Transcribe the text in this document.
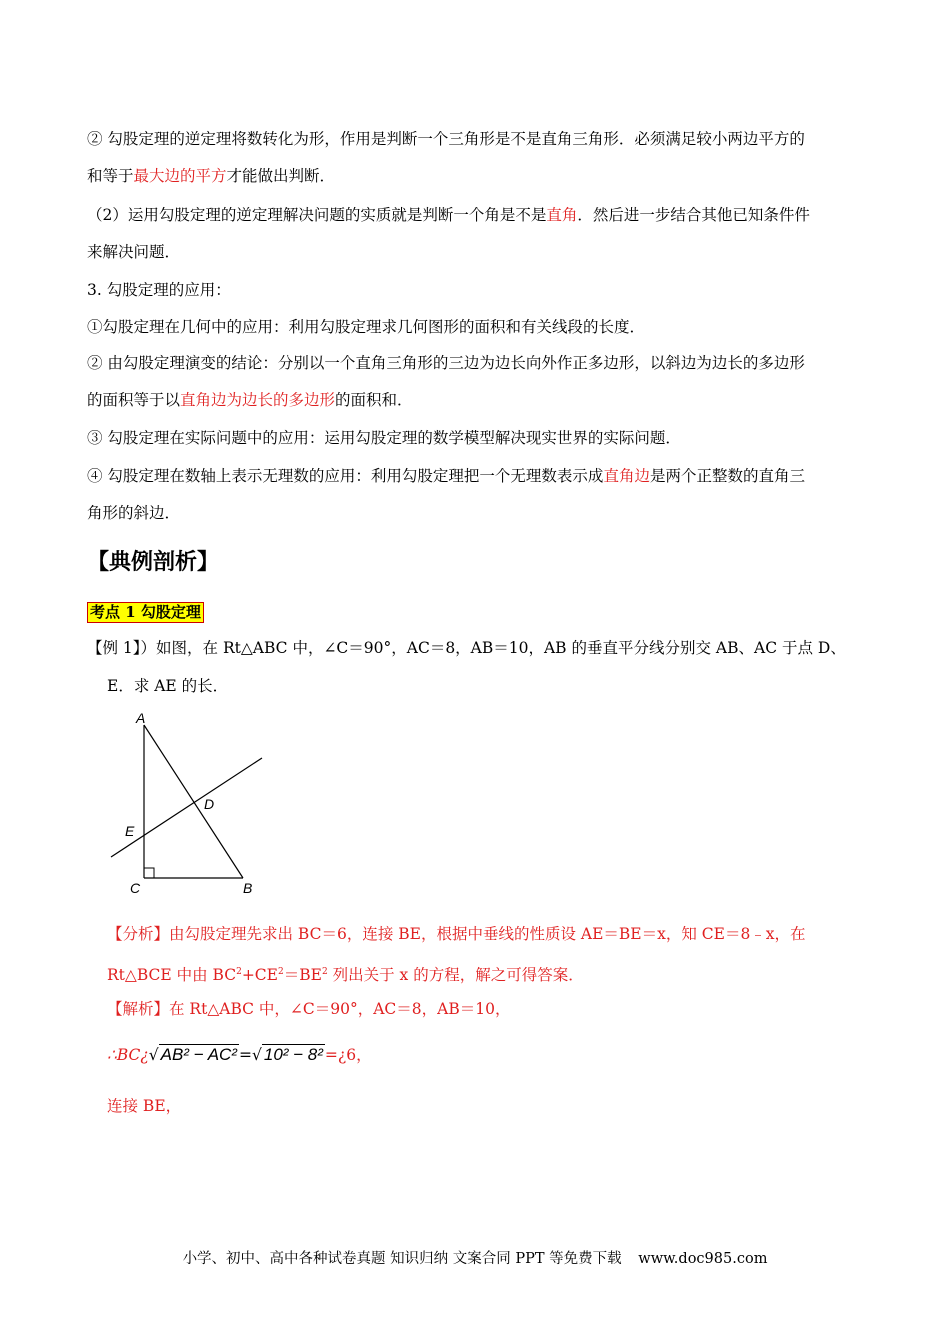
② 勾股定理的逆定理将数转化为形，作用是判断一个三角形是不是直角三角形．必须满足较小两边平方的
和等于最大边的平方才能做出判断．
（2）运用勾股定理的逆定理解决问题的实质就是判断一个角是不是直角．然后进一步结合其他已知条件件
来解决问题．
3. 勾股定理的应用：
①勾股定理在几何中的应用：利用勾股定理求几何图形的面积和有关线段的长度．
② 由勾股定理演变的结论：分别以一个直角三角形的三边为边长向外作正多边形，以斜边为边长的多边形
的面积等于以直角边为边长的多边形的面积和．
③ 勾股定理在实际问题中的应用：运用勾股定理的数学模型解决现实世界的实际问题．
④ 勾股定理在数轴上表示无理数的应用：利用勾股定理把一个无理数表示成直角边是两个正整数的直角三
角形的斜边．
【典例剖析】
考点 1 勾股定理
【例 1】）如图，在 Rt△ABC 中，∠C＝90°，AC＝8，AB＝10，AB 的垂直平分线分别交 AB、AC 于点 D、
E．求 AE 的长．
A
B
C
D
E
【分析】由勾股定理先求出 BC＝6，连接 BE，根据中垂线的性质设 AE＝BE＝x，知 CE＝8﹣x，在
Rt△BCE 中由 $BC^2+CE^2=BE^2$ 列出关于 x 的方程，解之可得答案．
【解析】在 Rt△ABC 中，∠C＝90°，AC＝8，AB＝10，
∴BC¿√ AB² − AC² =√ 10² − 8² =¿6，
连接 BE，
小学、初中、高中各种试卷真题 知识归纳 文案合同 PPT 等免费下载 www.doc985.com
